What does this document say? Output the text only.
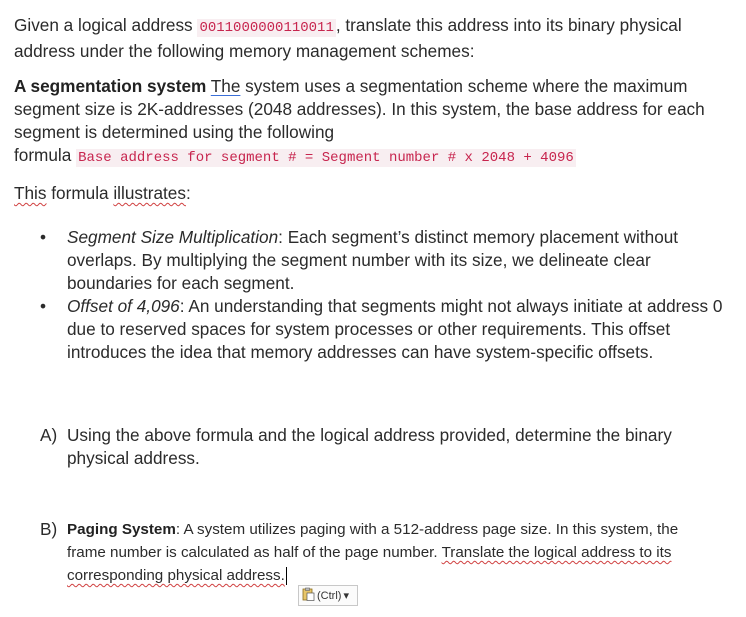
Given a logical address 0011000000110011 , translate this address into its binary physical address under the following memory management schemes:

A segmentation system The system uses a segmentation scheme where the maximum segment size is 2K-addresses (2048 addresses). In this system, the base address for each segment is determined using the following
formula Base address for segment # = Segment number # x 2048 + 4096

This formula illustrates:

• Segment Size Multiplication: Each segment’s distinct memory placement without overlaps. By multiplying the segment number with its size, we delineate clear boundaries for each segment.
• Offset of 4,096: An understanding that segments might not always initiate at address 0 due to reserved spaces for system processes or other requirements. This offset introduces the idea that memory addresses can have system-specific offsets.
A) Using the above formula and the logical address provided, determine the binary physical address.
B) Paging System: A system utilizes paging with a 512-address page size. In this system, the frame number is calculated as half of the page number. Translate the logical address to its corresponding physical address.
(Ctrl) ▾
